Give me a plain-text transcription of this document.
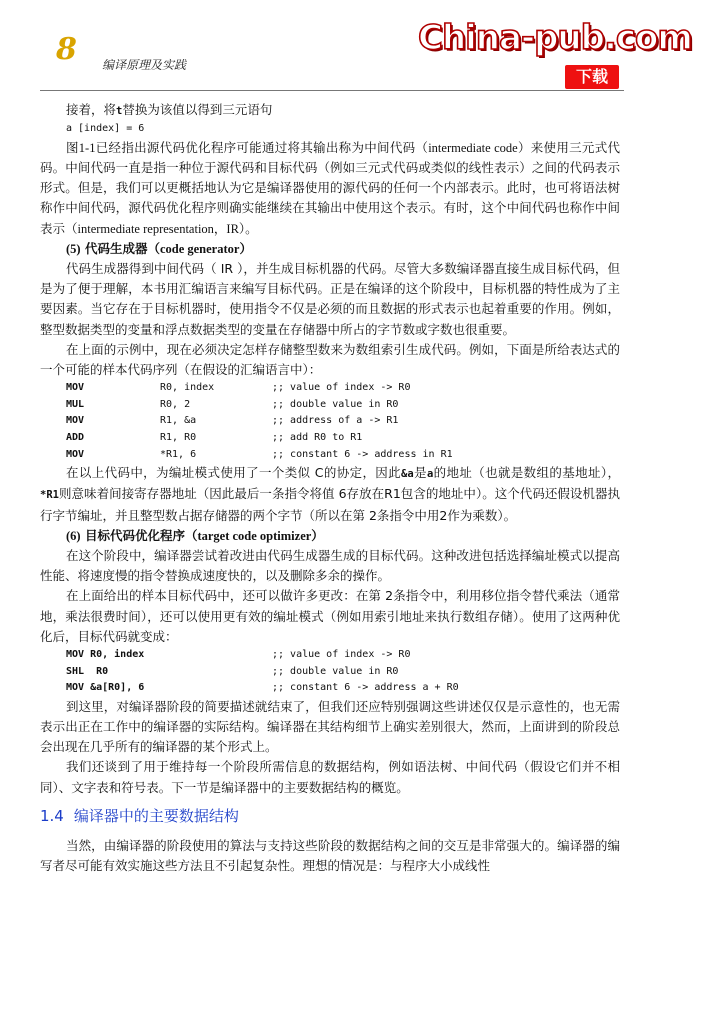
8 编译原理及实践
China-pub.com
下载

接着，将t替换为该值以得到三元语句

a [index] = 6

图1-1已经指出源代码优化程序可能通过将其输出称为中间代码（intermediate code）来使用三元式代码。中间代码一直是指一种位于源代码和目标代码（例如三元式代码或类似的线性表示）之间的代码表示形式。但是，我们可以更概括地认为它是编译器使用的源代码的任何一个内部表示。此时，也可将语法树称作中间代码，源代码优化程序则确实能继续在其输出中使用这个表示。有时，这个中间代码也称作中间表示（intermediate representation，IR）。

(5) 代码生成器（code generator）

代码生成器得到中间代码（ IR ），并生成目标机器的代码。尽管大多数编译器直接生成目标代码，但是为了便于理解，本书用汇编语言来编写目标代码。正是在编译的这个阶段中，目标机器的特性成为了主要因素。当它存在于目标机器时，使用指令不仅是必须的而且数据的形式表示也起着重要的作用。例如，整型数据类型的变量和浮点数据类型的变量在存储器中所占的字节数或字数也很重要。

在上面的示例中，现在必须决定怎样存储整型数来为数组索引生成代码。例如，下面是所给表达式的一个可能的样本代码序列（在假设的汇编语言中）：

MOV	R0, index	;; value of index -> R0
MUL	R0, 2	;; double value in R0
MOV	R1, &a	;; address of a -> R1
ADD	R1, R0	;; add R0 to R1
MOV	*R1, 6	;; constant 6 -> address in R1

在以上代码中，为编址模式使用了一个类似 C的协定，因此&a是a的地址（也就是数组的基地址），*R1则意味着间接寄存器地址（因此最后一条指令将值 6存放在R1包含的地址中）。这个代码还假设机器执行字节编址，并且整型数占据存储器的两个字节（所以在第 2条指令中用2作为乘数）。

(6) 目标代码优化程序（target code optimizer）

在这个阶段中，编译器尝试着改进由代码生成器生成的目标代码。这种改进包括选择编址模式以提高性能、将速度慢的指令替换成速度快的，以及删除多余的操作。

在上面给出的样本目标代码中，还可以做许多更改：在第 2条指令中，利用移位指令替代乘法（通常地，乘法很费时间），还可以使用更有效的编址模式（例如用索引地址来执行数组存储）。使用了这两种优化后，目标代码就变成：

MOV R0, index	;; value of index -> R0
SHL  R0	;; double value in R0
MOV &a[R0], 6	;; constant 6 -> address a + R0

到这里，对编译器阶段的简要描述就结束了，但我们还应特别强调这些讲述仅仅是示意性的，也无需表示出正在工作中的编译器的实际结构。编译器在其结构细节上确实差别很大，然而，上面讲到的阶段总会出现在几乎所有的编译器的某个形式上。

我们还谈到了用于维持每一个阶段所需信息的数据结构，例如语法树、中间代码（假设它们并不相同）、文字表和符号表。下一节是编译器中的主要数据结构的概览。

1.4 编译器中的主要数据结构

当然，由编译器的阶段使用的算法与支持这些阶段的数据结构之间的交互是非常强大的。编译器的编写者尽可能有效实施这些方法且不引起复杂性。理想的情况是：与程序大小成线性
